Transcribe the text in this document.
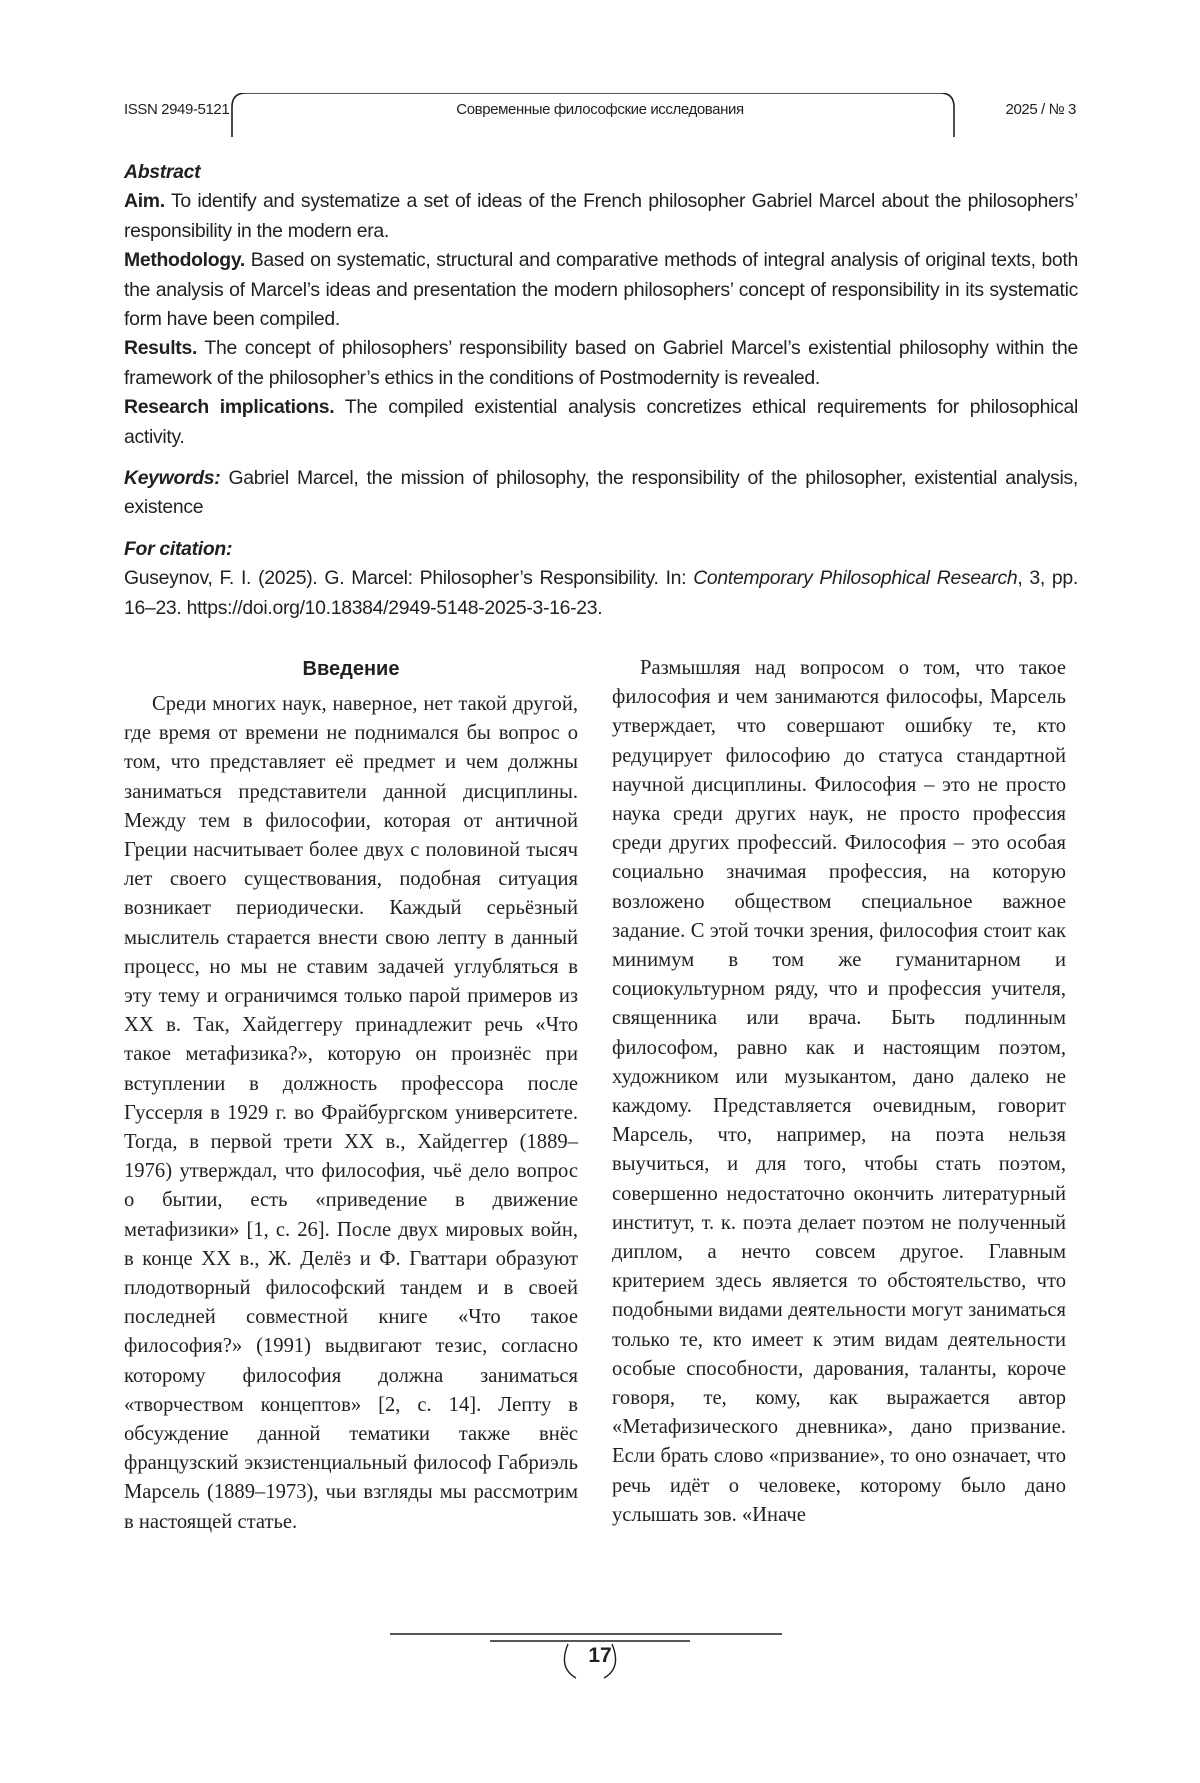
ISSN 2949-5121	Современные философские исследования	2025 / № 3

Abstract

Aim. To identify and systematize a set of ideas of the French philosopher Gabriel Marcel about the philosophers’ responsibility in the modern era.

Methodology. Based on systematic, structural and comparative methods of integral analysis of original texts, both the analysis of Marcel’s ideas and presentation the modern philosophers’ concept of responsibility in its systematic form have been compiled.

Results. The concept of philosophers’ responsibility based on Gabriel Marcel’s existential philosophy within the framework of the philosopher’s ethics in the conditions of Postmodernity is revealed.

Research implications. The compiled existential analysis concretizes ethical requirements for philosophical activity.

Keywords: Gabriel Marcel, the mission of philosophy, the responsibility of the philosopher, existential analysis, existence

For citation:

Guseynov, F. I. (2025). G. Marcel: Philosopher’s Responsibility. In: Contemporary Philosophical Research, 3, pp. 16–23. https://doi.org/10.18384/2949-5148-2025-3-16-23.

Введение

Среди многих наук, наверное, нет такой другой, где время от времени не поднимался бы вопрос о том, что представляет её предмет и чем должны заниматься представители данной дисциплины. Между тем в философии, которая от античной Греции насчитывает более двух с половиной тысяч лет своего существования, подобная ситуация возникает периодически. Каждый серьёзный мыслитель старается внести свою лепту в данный процесс, но мы не ставим задачей углубляться в эту тему и ограничимся только парой примеров из XX в. Так, Хайдеггеру принадлежит речь «Что такое метафизика?», которую он произнёс при вступлении в должность профессора после Гуссерля в 1929 г. во Фрайбургском университете. Тогда, в первой трети XX в., Хайдеггер (1889–1976) утверждал, что философия, чьё дело вопрос о бытии, есть «приведение в движение метафизики» [1, с. 26]. После двух мировых войн, в конце XX в., Ж. Делёз и Ф. Гваттари образуют плодотворный философский тандем и в своей последней совместной книге «Что такое философия?» (1991) выдвигают тезис, согласно которому философия должна заниматься «творчеством концептов» [2, с. 14]. Лепту в обсуждение данной тематики также внёс французский экзистенциальный философ Габриэль Марсель (1889–1973), чьи взгляды мы рассмотрим в настоящей статье.

Размышляя над вопросом о том, что такое философия и чем занимаются философы, Марсель утверждает, что совершают ошибку те, кто редуцирует философию до статуса стандартной научной дисциплины. Философия – это не просто наука среди других наук, не просто профессия среди других профессий. Философия – это особая социально значимая профессия, на которую возложено обществом специальное важное задание. С этой точки зрения, философия стоит как минимум в том же гуманитарном и социокультурном ряду, что и профессия учителя, священника или врача. Быть подлинным философом, равно как и настоящим поэтом, художником или музыкантом, дано далеко не каждому. Представляется очевидным, говорит Марсель, что, например, на поэта нельзя выучиться, и для того, чтобы стать поэтом, совершенно недостаточно окончить литературный институт, т. к. поэта делает поэтом не полученный диплом, а нечто совсем другое. Главным критерием здесь является то обстоятельство, что подобными видами деятельности могут заниматься только те, кто имеет к этим видам деятельности особые способности, дарования, таланты, короче говоря, те, кому, как выражается автор «Метафизического дневника», дано призвание. Если брать слово «призвание», то оно означает, что речь идёт о человеке, которому было дано услышать зов. «Иначе

17
